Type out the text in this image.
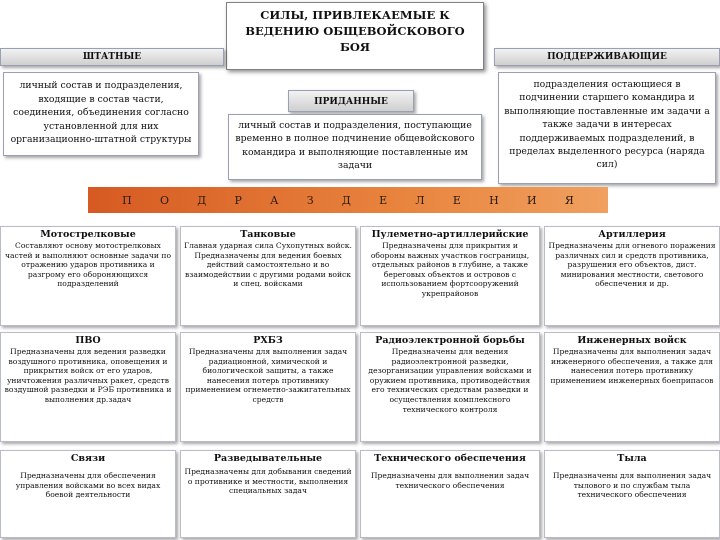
СИЛЫ, ПРИВЛЕКАЕМЫЕ К ВЕДЕНИЮ ОБЩЕВОЙСКОВОГО БОЯ
ШТАТНЫЕ
личный состав и подразделения, входящие в состав части, соединения, объединения согласно установленной для них организационно-штатной структуры
ПОДДЕРЖИВАЮЩИЕ
подразделения остающиеся в подчинении старшего командира и выполняющие поставленные им задачи а также задачи в интересах поддерживаемых подразделений, в пределах выделенного ресурса (наряда сил)
ПРИДАННЫЕ
личный состав и подразделения, поступающие временно в полное подчинение общевойскового командира и выполняющие поставленные им задачи
П	О	Д	Р	А	З	Д	Е	Л	Е	Н	И	Я
Мотострелковые
Составляют основу мотострелковых частей и выполняют основные задачи по отражению ударов противника и разгрому его обороняющихся подразделений
Танковые
Главная ударная сила Сухопутных войск. Предназначены для ведения боевых действий самостоятельно и во взаимодействии с другими родами войск и спец. войсками
Пулеметно-артиллерийские
Предназначены для прикрытия и обороны важных участков госграницы, отдельных районов в глубине, а также береговых объектов и островов с использованием фортсооружений укрепрайонов
Артиллерия
Предназначены для огневого поражения различных сил и средств противника, разрушения его объектов, дист. минирования местности, светового обеспечения и др.
ПВО
Предназначены для ведения разведки воздушного противника, оповещения и прикрытия войск от его ударов, уничтожения различных ракет, средств воздушной разведки и РЭБ противника и выполнения др.задач
РХБЗ
Предназначены для выполнения задач радиационной, химической и биологической защиты, а также нанесения потерь противнику применением огнеметно-зажигательных средств
Радиоэлектронной борьбы
Предназначены для ведения радиоэлектронной разведки, дезорганизации управления войсками и оружием противника, противодействия его технических средствам разведки и осуществления комплексного технического контроля
Инженерных войск
Предназначены для выполнения задач инженерного обеспечения, а также для нанесения потерь противнику применением инженерных боеприпасов
Связи
Предназначены для обеспечения управления войсками во всех видах боевой деятельности
Разведывательные
Предназначены для добывания сведений о противнике и местности, выполнения специальных задач
Технического обеспечения
Предназначены для выполнения задач технического обеспечения
Тыла
Предназначены для выполнения задач тылового и по службам тыла технического обеспечения
